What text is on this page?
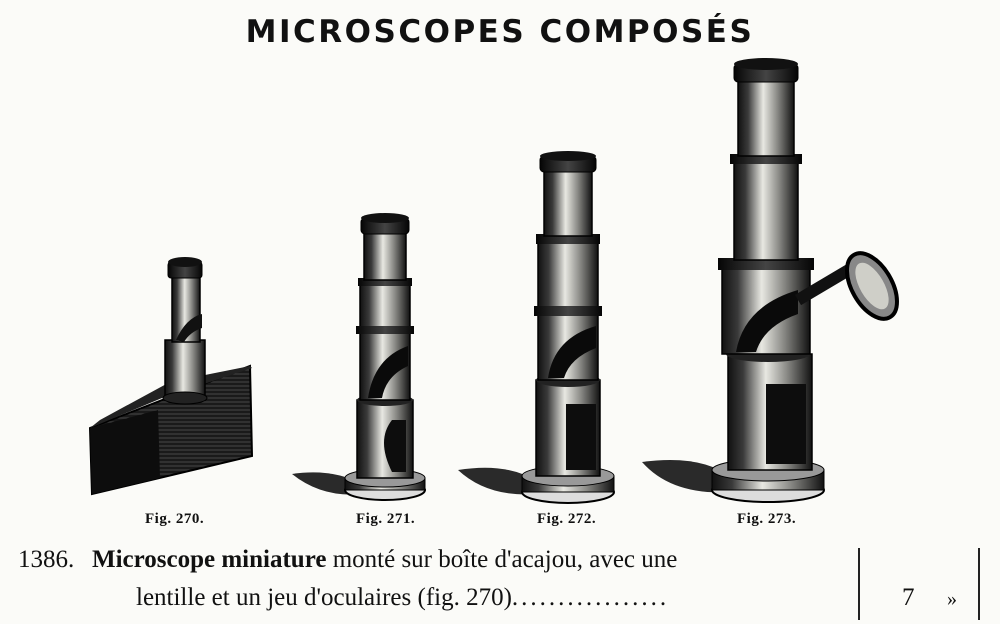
MICROSCOPES COMPOSÉS
Fig. 270.	Fig. 271.	Fig. 272.	Fig. 273.
1386. Microscope miniature monté sur boîte d'acajou, avec une
lentille et un jeu d'oculaires (fig. 270).................	7 »
